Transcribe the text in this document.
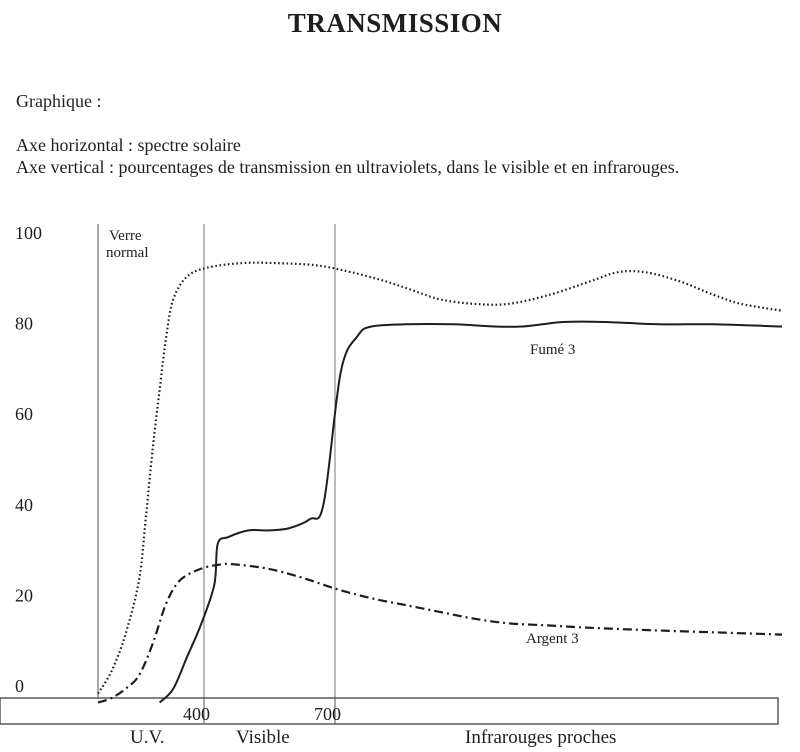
TRANSMISSION
Graphique :
Axe horizontal : spectre solaire
Axe vertical : pourcentages de transmission en ultraviolets, dans le visible et en infrarouges.
0
20
40
60
80
100
400	700
U.V.	Visible	Infrarouges proches
Verre normal
Fumé 3
Argent 3
